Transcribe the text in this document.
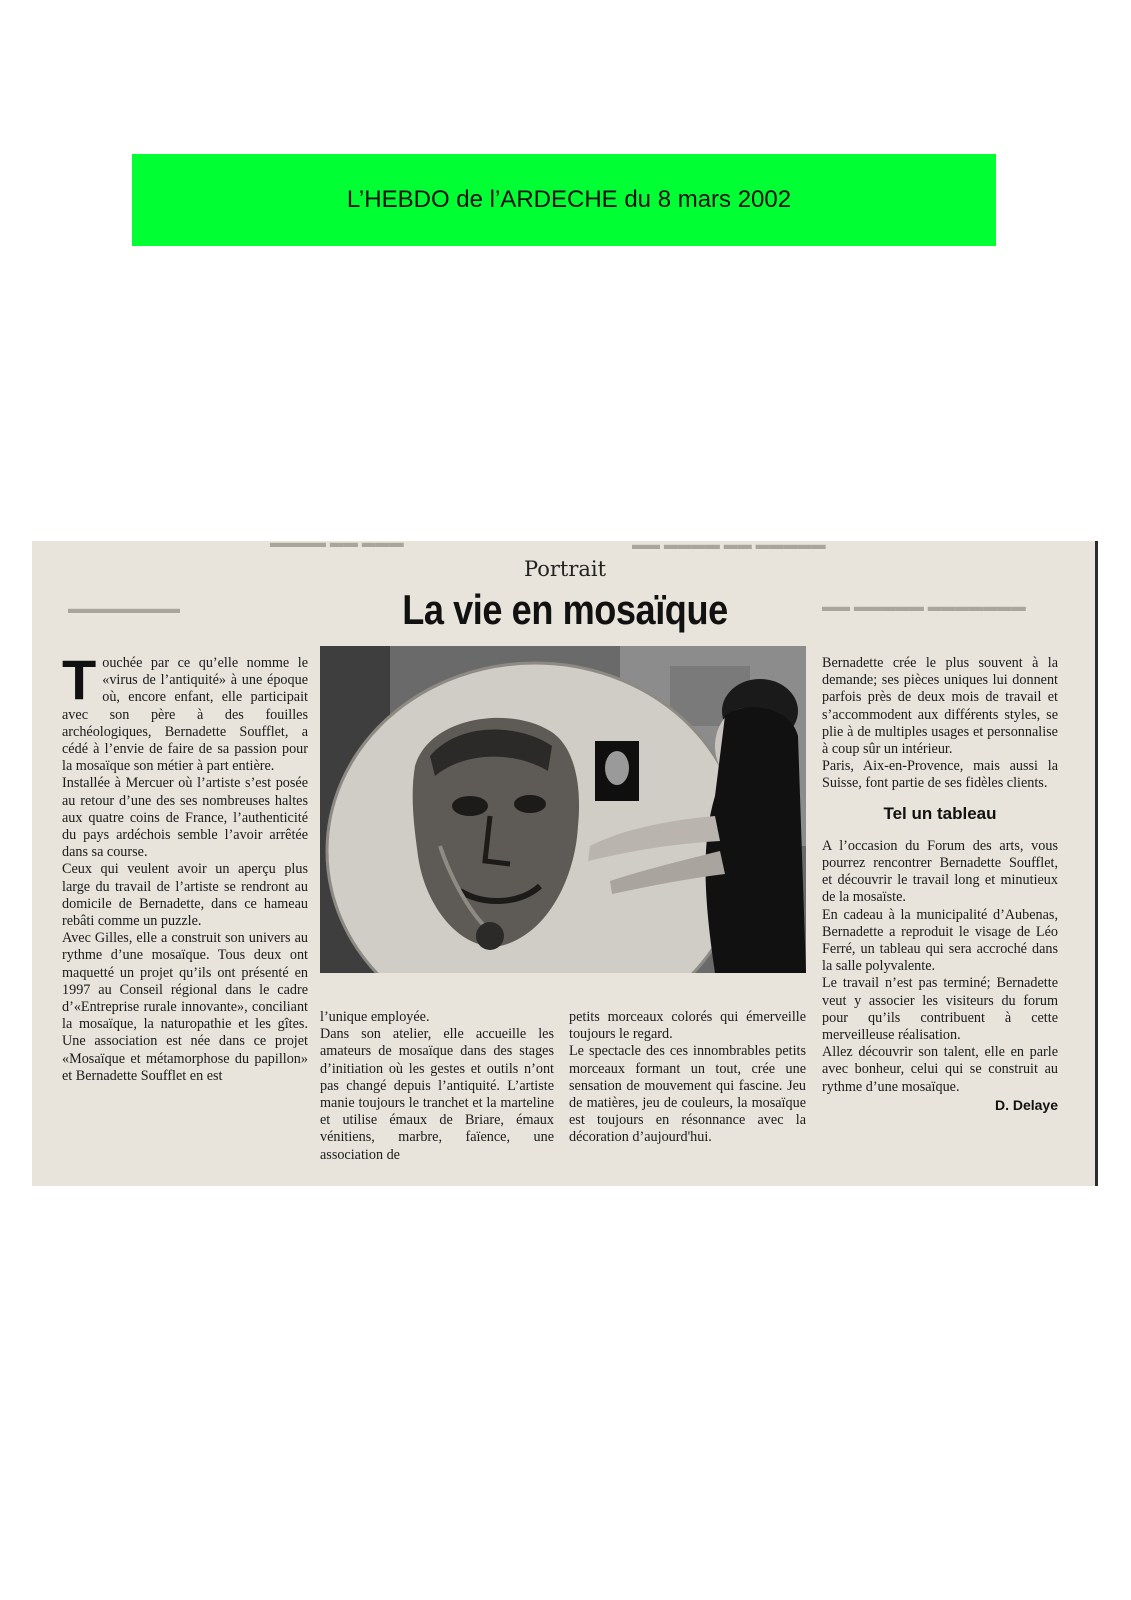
L’HEBDO de l’ARDECHE du 8 mars 2002
▬▬▬▬ ▬▬ ▬▬▬
▬▬▬▬▬▬▬▬
▬▬ ▬▬▬▬ ▬▬ ▬▬▬▬▬
▬▬ ▬▬▬▬▬ ▬▬▬▬▬▬▬
Portrait
La vie en mosaïque

Touchée par ce qu’elle nomme le «virus de l’antiquité» à une époque où, encore enfant, elle participait avec son père à des fouilles archéologiques, Bernadette Soufflet, a cédé à l’envie de faire de sa passion pour la mosaïque son métier à part entière.

Installée à Mercuer où l’artiste s’est posée au retour d’une des ses nombreuses haltes aux quatre coins de France, l’authenticité du pays ardéchois semble l’avoir arrêtée dans sa course.

Ceux qui veulent avoir un aperçu plus large du travail de l’artiste se rendront au domicile de Bernadette, dans ce hameau rebâti comme un puzzle.

Avec Gilles, elle a construit son univers au rythme d’une mosaïque. Tous deux ont maquetté un projet qu’ils ont présenté en 1997 au Conseil régional dans le cadre d’«Entreprise rurale innovante», conciliant la mosaïque, la naturopathie et les gîtes. Une association est née dans ce projet «Mosaïque et métamorphose du papillon» et Bernadette Soufflet en est

l’unique employée.

Dans son atelier, elle accueille les amateurs de mosaïque dans des stages d’initiation où les gestes et outils n’ont pas changé depuis l’antiquité. L’artiste manie toujours le tranchet et la marteline et utilise émaux de Briare, émaux vénitiens, marbre, faïence, une association de

petits morceaux colorés qui émerveille toujours le regard.

Le spectacle des ces innombrables petits morceaux formant un tout, crée une sensation de mouvement qui fascine. Jeu de matières, jeu de couleurs, la mosaïque est toujours en résonnance avec la décoration d’aujourd'hui.

Bernadette crée le plus souvent à la demande; ses pièces uniques lui donnent parfois près de deux mois de travail et s’accommodent aux différents styles, se plie à de multiples usages et personnalise à coup sûr un intérieur.

Paris, Aix-en-Provence, mais aussi la Suisse, font partie de ses fidèles clients.

Tel un tableau

A l’occasion du Forum des arts, vous pourrez rencontrer Bernadette Soufflet, et découvrir le travail long et minutieux de la mosaïste.

En cadeau à la municipalité d’Aubenas, Bernadette a reproduit le visage de Léo Ferré, un tableau qui sera accroché dans la salle polyvalente.

Le travail n’est pas terminé; Bernadette veut y associer les visiteurs du forum pour qu’ils contribuent à cette merveilleuse réalisation.

Allez découvrir son talent, elle en parle avec bonheur, celui qui se construit au rythme d’une mosaïque.

D. Delaye
